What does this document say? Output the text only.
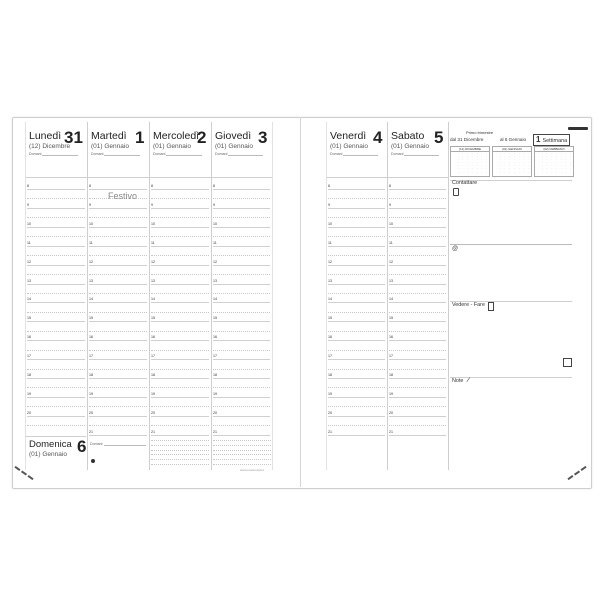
Lunedì 31
(12) Dicembre
Domani
Martedì 1
(01) Gennaio
Domani
Mercoledì
2
(01) Gennaio
Domani
Giovedì 3
(01) Gennaio
Domani
Venerdì 4
(01) Gennaio
Domani
Sabato 5
(01) Gennaio
Domani
8
9
10
11
12
13
14
15
16
17
18
19
20
8
9
10
11
12
13
14
15
16
17
18
19
20
21
8
9
10
11
12
13
14
15
16
17
18
19
20
21
8
9
10
11
12
13
14
15
16
17
18
19
20
21
8
9
10
11
12
13
14
15
16
17
18
19
20
21
8
9
10
11
12
13
14
15
16
17
18
19
20
21
Domenica 6
(01) Gennaio
Domani
Festivo
Primo trimestre
dal 31 Dicembre	al 6 Gennaio	1 Settimana
(12) DICEMBRE
·	·	·	·	·	·	·
·	·	·	·	·	·	·
·	·	·	·	·	·	·
·	·	·	·	·	·	·
·	·	·	·	·	·	·
·	·	·	·	·	·	·
·	·	·	·	·	·	·
(01) GENNAIO
·	·	·	·	·	·	·
·	·	·	·	·	·	·
·	·	·	·	·	·	·
·	·	·	·	·	·	·
·	·	·	·	·	·	·
·	·	·	·	·	·	·
·	·	·	·	·	·	·
(02) FEBBRAIO
·	·	·	·	·	·	·
·	·	·	·	·	·	·
·	·	·	·	·	·	·
·	·	·	·	·	·	·
·	·	·	·	·	·	·
·	·	·	·	·	·	·
·	·	·	·	·	·	·
Contattare
@
Vedere - Fare
Note /
www.exacompta.it
